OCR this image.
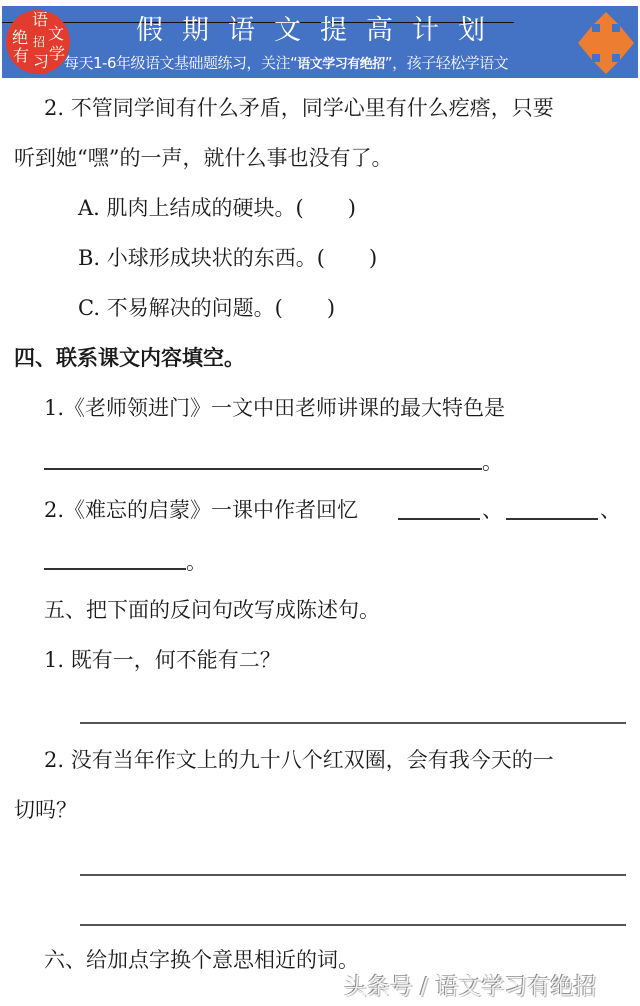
语
文
绝 招
学
有 习
假期语文提高计划
每天1-6年级语文基础题练习，关注“语文学习有绝招”，孩子轻松学语文
2. 不管同学间有什么矛盾，同学心里有什么疙瘩，只要
听到她“嘿”的一声，就什么事也没有了。
A. 肌肉上结成的硬块。( )
B. 小球形成块状的东西。( )
C. 不易解决的问题。( )
四、联系课文内容填空。
1.《老师领进门》一文中田老师讲课的最大特色是
。
2.《难忘的启蒙》一课中作者回忆	、	、
。
五、把下面的反问句改写成陈述句。
1. 既有一，何不能有二？
2. 没有当年作文上的九十八个红双圈，会有我今天的一
切吗？
六、给加点字换个意思相近的词。
头条号 / 语文学习有绝招
